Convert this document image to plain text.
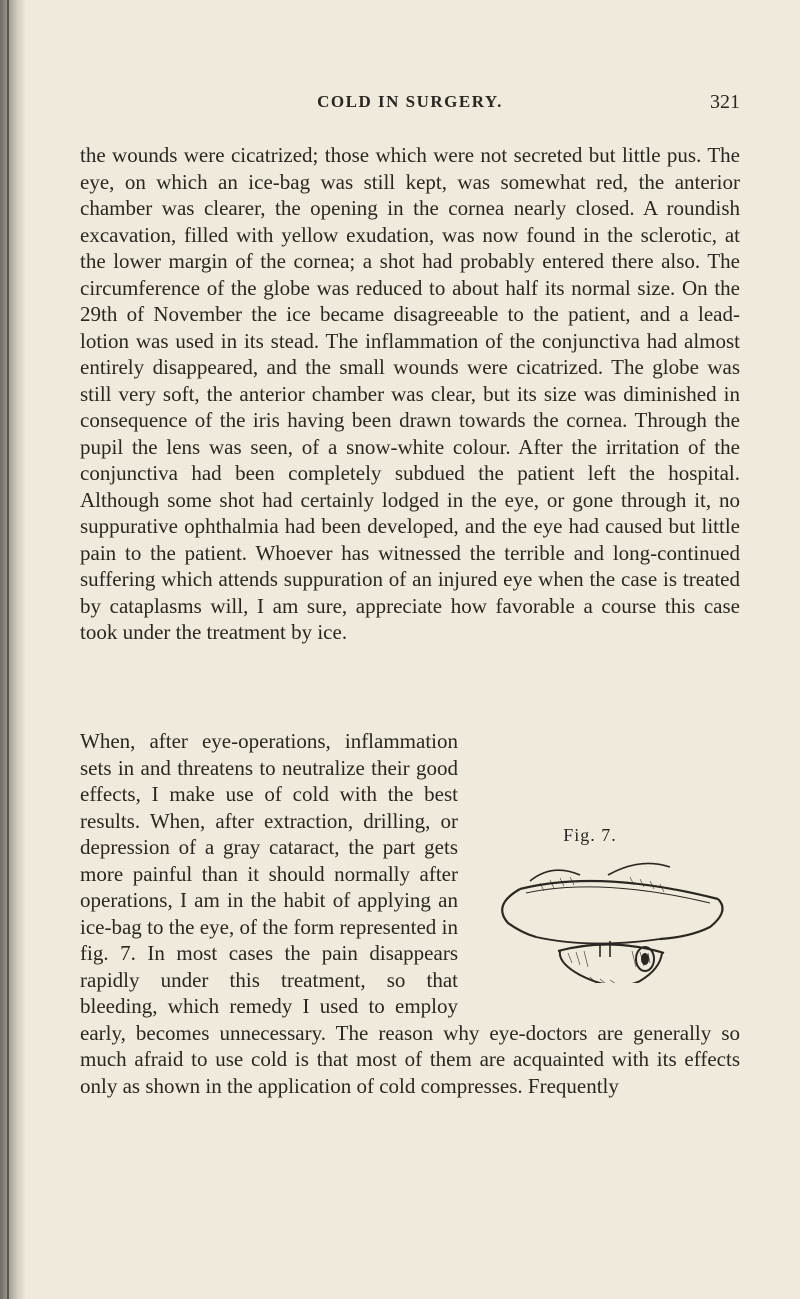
COLD IN SURGERY.	321

the wounds were cicatrized; those which were not secreted but little pus. The eye, on which an ice-bag was still kept, was somewhat red, the anterior chamber was clearer, the opening in the cornea nearly closed. A roundish excavation, filled with yellow exudation, was now found in the sclerotic, at the lower margin of the cornea; a shot had probably entered there also. The circumference of the globe was reduced to about half its normal size. On the 29th of November the ice became disagreeable to the patient, and a lead-lotion was used in its stead. The inflammation of the conjunctiva had almost entirely disappeared, and the small wounds were cicatrized. The globe was still very soft, the anterior chamber was clear, but its size was diminished in consequence of the iris having been drawn towards the cornea. Through the pupil the lens was seen, of a snow-white colour. After the irritation of the conjunctiva had been completely subdued the patient left the hospital. Although some shot had certainly lodged in the eye, or gone through it, no suppurative ophthalmia had been developed, and the eye had caused but little pain to the patient. Whoever has witnessed the terrible and long-continued suffering which attends suppuration of an injured eye when the case is treated by cataplasms will, I am sure, appreciate how favorable a course this case took under the treatment by ice.

When, after eye-operations, inflammation sets in and threatens to neutralize their good effects, I make use of cold with the best results. When, after extraction, drilling, or depression of a gray cataract, the part gets more painful than it should normally after operations, I am in the habit of applying an ice-bag to the eye, of the form represented in fig. 7. In most cases the pain disappears rapidly under this treatment, so that bleeding, which remedy I used to employ early, becomes unnecessary. The reason why eye-doctors are generally so much afraid to use cold is that most of them are acquainted with its effects only as shown in the application of cold compresses. Frequently
Fig. 7.
